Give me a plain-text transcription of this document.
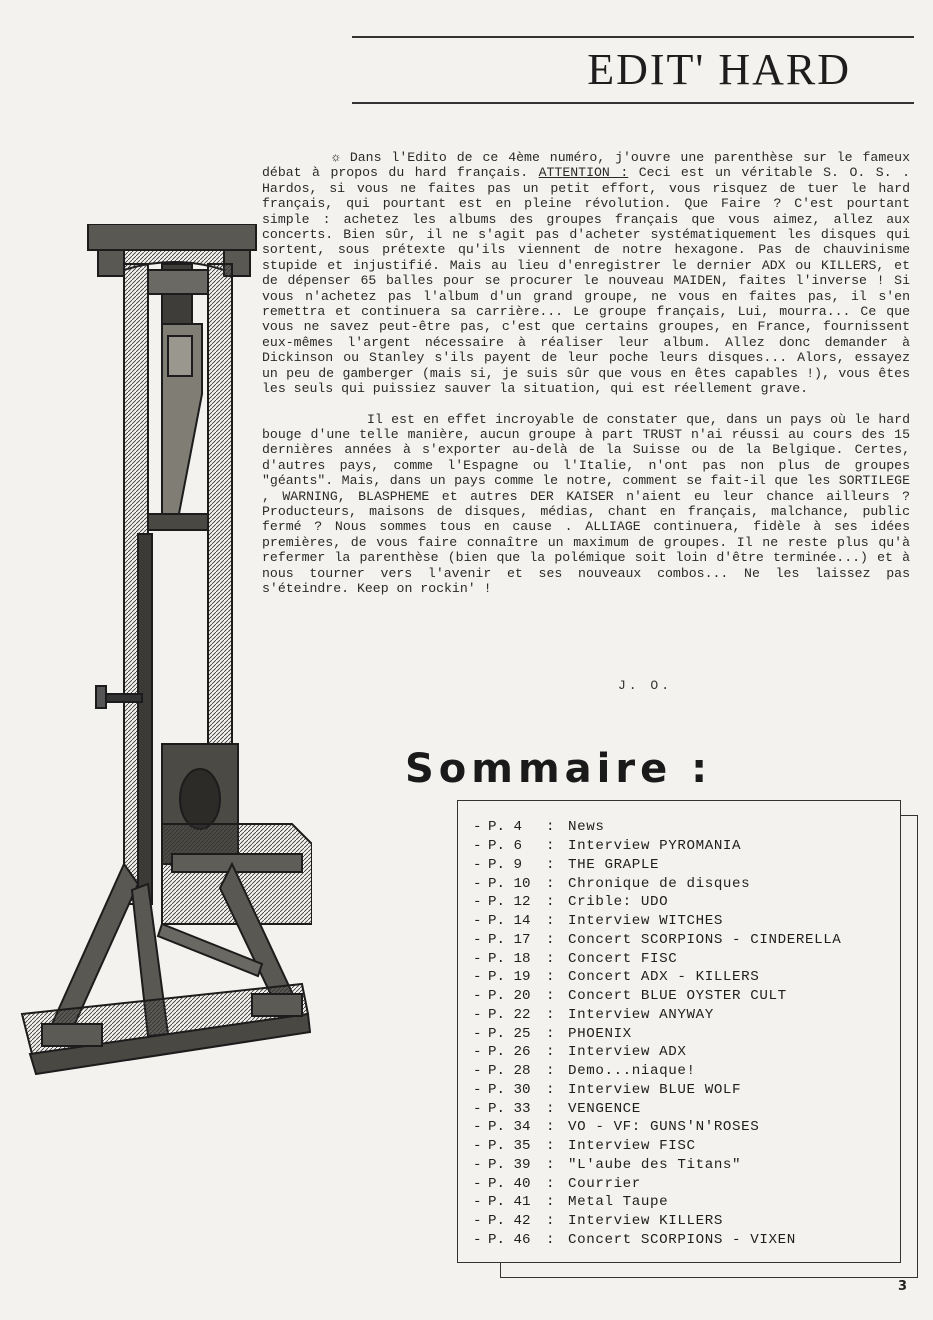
EDIT' HARD

☼ Dans l'Edito de ce 4ème numéro, j'ouvre une parenthèse sur le fameux débat à propos du hard français. ATTENTION : Ceci est un véritable S. O. S. . Hardos, si vous ne faites pas un petit effort, vous risquez de tuer le hard français, qui pourtant est en pleine révolution. Que Faire ? C'est pourtant simple : achetez les albums des groupes français que vous aimez, allez aux concerts. Bien sûr, il ne s'agit pas d'acheter systématiquement les disques qui sortent, sous prétexte qu'ils viennent de notre hexagone. Pas de chauvinisme stupide et injustifié. Mais au lieu d'enregistrer le dernier ADX ou KILLERS, et de dépenser 65 balles pour se procurer le nouveau MAIDEN, faites l'inverse ! Si vous n'achetez pas l'album d'un grand groupe, ne vous en faites pas, il s'en remettra et continuera sa carrière... Le groupe français, Lui, mourra... Ce que vous ne savez peut-être pas, c'est que certains groupes, en France, fournissent eux-mêmes l'argent nécessaire à réaliser leur album. Allez donc demander à Dickinson ou Stanley s'ils payent de leur poche leurs disques... Alors, essayez un peu de gamberger (mais si, je suis sûr que vous en êtes capables !), vous êtes les seuls qui puissiez sauver la situation, qui est réellement grave.

Il est en effet incroyable de constater que, dans un pays où le hard bouge d'une telle manière, aucun groupe à part TRUST n'ai réussi au cours des 15 dernières années à s'exporter au-delà de la Suisse ou de la Belgique. Certes, d'autres pays, comme l'Espagne ou l'Italie, n'ont pas non plus de groupes "géants". Mais, dans un pays comme le notre, comment se fait-il que les SORTILEGE , WARNING, BLASPHEME et autres DER KAISER n'aient eu leur chance ailleurs ? Producteurs, maisons de disques, médias, chant en français, malchance, public fermé ? Nous sommes tous en cause . ALLIAGE continuera, fidèle à ses idées premières, de vous faire connaître un maximum de groupes. Il ne reste plus qu'à refermer la parenthèse (bien que la polémique soit loin d'être terminée...) et à nous tourner vers l'avenir et ses nouveaux combos... Ne les laissez pas s'éteindre. Keep on rockin' !

J. O.
Sommaire :
- P. 4	: News
- P. 6	: Interview PYROMANIA
- P. 9	: THE GRAPLE
- P. 10	: Chronique de disques
- P. 12	: Crible: UDO
- P. 14	: Interview WITCHES
- P. 17	: Concert SCORPIONS - CINDERELLA
- P. 18	: Concert FISC
- P. 19	: Concert ADX - KILLERS
- P. 20	: Concert BLUE OYSTER CULT
- P. 22	: Interview ANYWAY
- P. 25	: PHOENIX
- P. 26	: Interview ADX
- P. 28	: Demo...niaque!
- P. 30	: Interview BLUE WOLF
- P. 33	: VENGENCE
- P. 34	: VO - VF: GUNS'N'ROSES
- P. 35	: Interview FISC
- P. 39	: "L'aube des Titans"
- P. 40	: Courrier
- P. 41	: Metal Taupe
- P. 42	: Interview KILLERS
- P. 46	: Concert SCORPIONS - VIXEN
3
